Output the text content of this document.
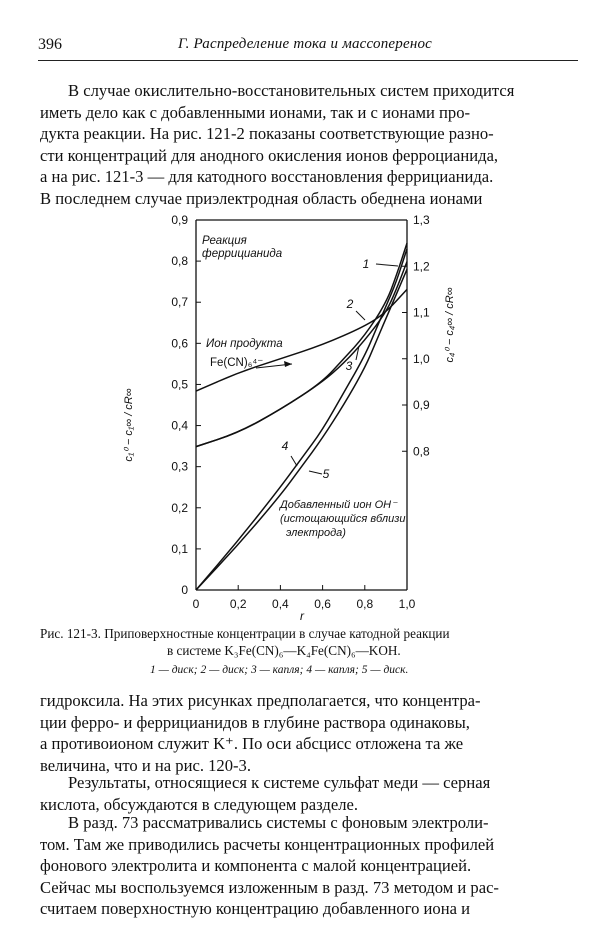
396	Г. Распределение тока и массоперенос
В случае окислительно-восстановительных систем приходится
иметь дело как с добавленными ионами, так и с ионами про-
дукта реакции. На рис. 121-2 показаны соответствующие разно-
сти концентраций для анодного окисления ионов ферроцианида,
а на рис. 121-3 — для катодного восстановления феррицианида.
В последнем случае приэлектродная область обеднена ионами
0	0,2 0,4 0,6 0,8 1,0
0
0,1
0,2
0,3
0,4
0,5
0,6
0,7
0,8
0,9
0,8
0,9
1,0
1,1
1,2
1,3
1
2
3
4
5
c₁⁰ − c₁∞ / cR∞
c₄⁰ − c₄∞ / cR∞
r
Реакция
феррицианида
Ион продукта
Fe(CN)₆⁴⁻
Добавленный ион OH⁻
(истощающийся вблизи
электрода)
Рис. 121-3. Приповерхностные концентрации в случае катодной реакции
в системе K₃Fe(CN)₆—K₄Fe(CN)₆—KOH.
1 — диск; 2 — диск; 3 — капля; 4 — капля; 5 — диск.
гидроксила. На этих рисунках предполагается, что концентра-
ции ферро- и феррицианидов в глубине раствора одинаковы,
а противоионом служит K⁺. По оси абсцисс отложена та же
величина, что и на рис. 120-3.
Результаты, относящиеся к системе сульфат меди — серная
кислота, обсуждаются в следующем разделе.
В разд. 73 рассматривались системы с фоновым электроли-
том. Там же приводились расчеты концентрационных профилей
фонового электролита и компонента с малой концентрацией.
Сейчас мы воспользуемся изложенным в разд. 73 методом и рас-
считаем поверхностную концентрацию добавленного иона и
